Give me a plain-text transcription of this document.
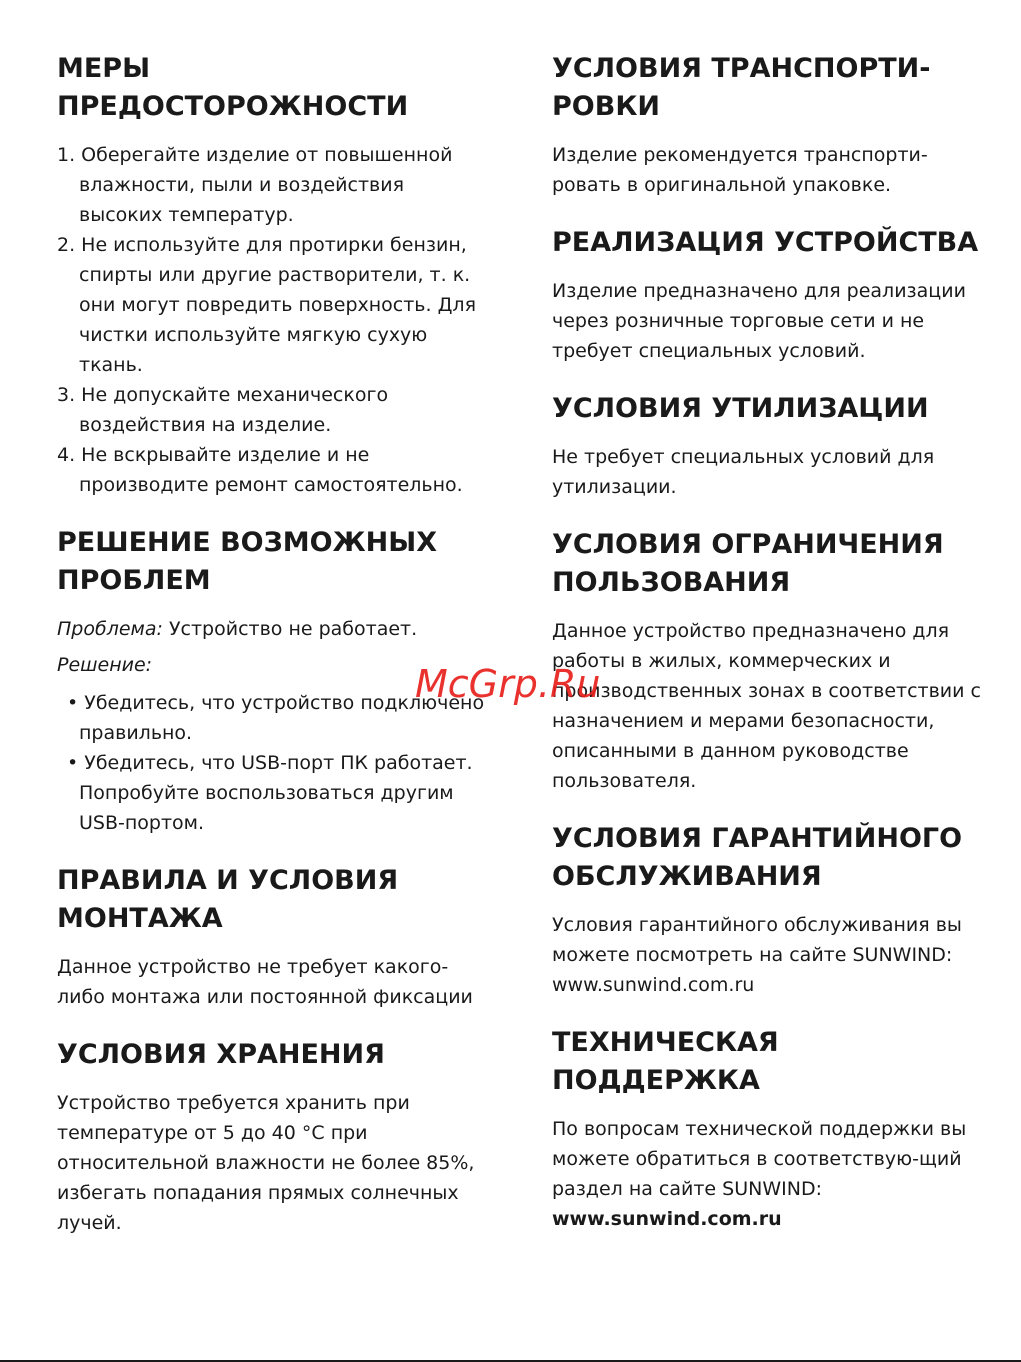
МЕРЫ
ПРЕДОСТОРОЖНОСТИ
1. Оберегайте изделие от повышенной влажности, пыли и воздействия высоких температур.
2. Не используйте для протирки бензин, спирты или другие растворители, т. к. они могут повредить поверхность. Для чистки используйте мягкую сухую ткань.
3. Не допускайте механического воздействия на изделие.
4. Не вскрывайте изделие и не производите ремонт самостоятельно.
РЕШЕНИЕ ВОЗМОЖНЫХ
ПРОБЛЕМ

Проблема: Устройство не работает.

Решение:

• Убедитесь, что устройство подключено правильно.
• Убедитесь, что USB-порт ПК работает. Попробуйте воспользоваться другим USB-портом.
ПРАВИЛА И УСЛОВИЯ
МОНТАЖА

Данное устройство не требует какого-либо монтажа или постоянной фиксации

УСЛОВИЯ ХРАНЕНИЯ

Устройство требуется хранить при температуре от 5 до 40 °С при относительной влажности не более 85%, избегать попадания прямых солнечных лучей.

УСЛОВИЯ ТРАНСПОРТИ-
РОВКИ

Изделие рекомендуется транспорти-ровать в оригинальной упаковке.

РЕАЛИЗАЦИЯ УСТРОЙСТВА

Изделие предназначено для реализации через розничные торговые сети и не требует специальных условий.

УСЛОВИЯ УТИЛИЗАЦИИ

Не требует специальных условий для утилизации.

УСЛОВИЯ ОГРАНИЧЕНИЯ
ПОЛЬЗОВАНИЯ

Данное устройство предназначено для работы в жилых, коммерческих и производственных зонах в соответствии с назначением и мерами безопасности, описанными в данном руководстве пользователя.

УСЛОВИЯ ГАРАНТИЙНОГО
ОБСЛУЖИВАНИЯ

Условия гарантийного обслуживания вы можете посмотреть на сайте SUNWIND: www.sunwind.com.ru

ТЕХНИЧЕСКАЯ
ПОДДЕРЖКА

По вопросам технической поддержки вы можете обратиться в соответствую-щий раздел на сайте SUNWIND:

www.sunwind.com.ru

McGrp.Ru
